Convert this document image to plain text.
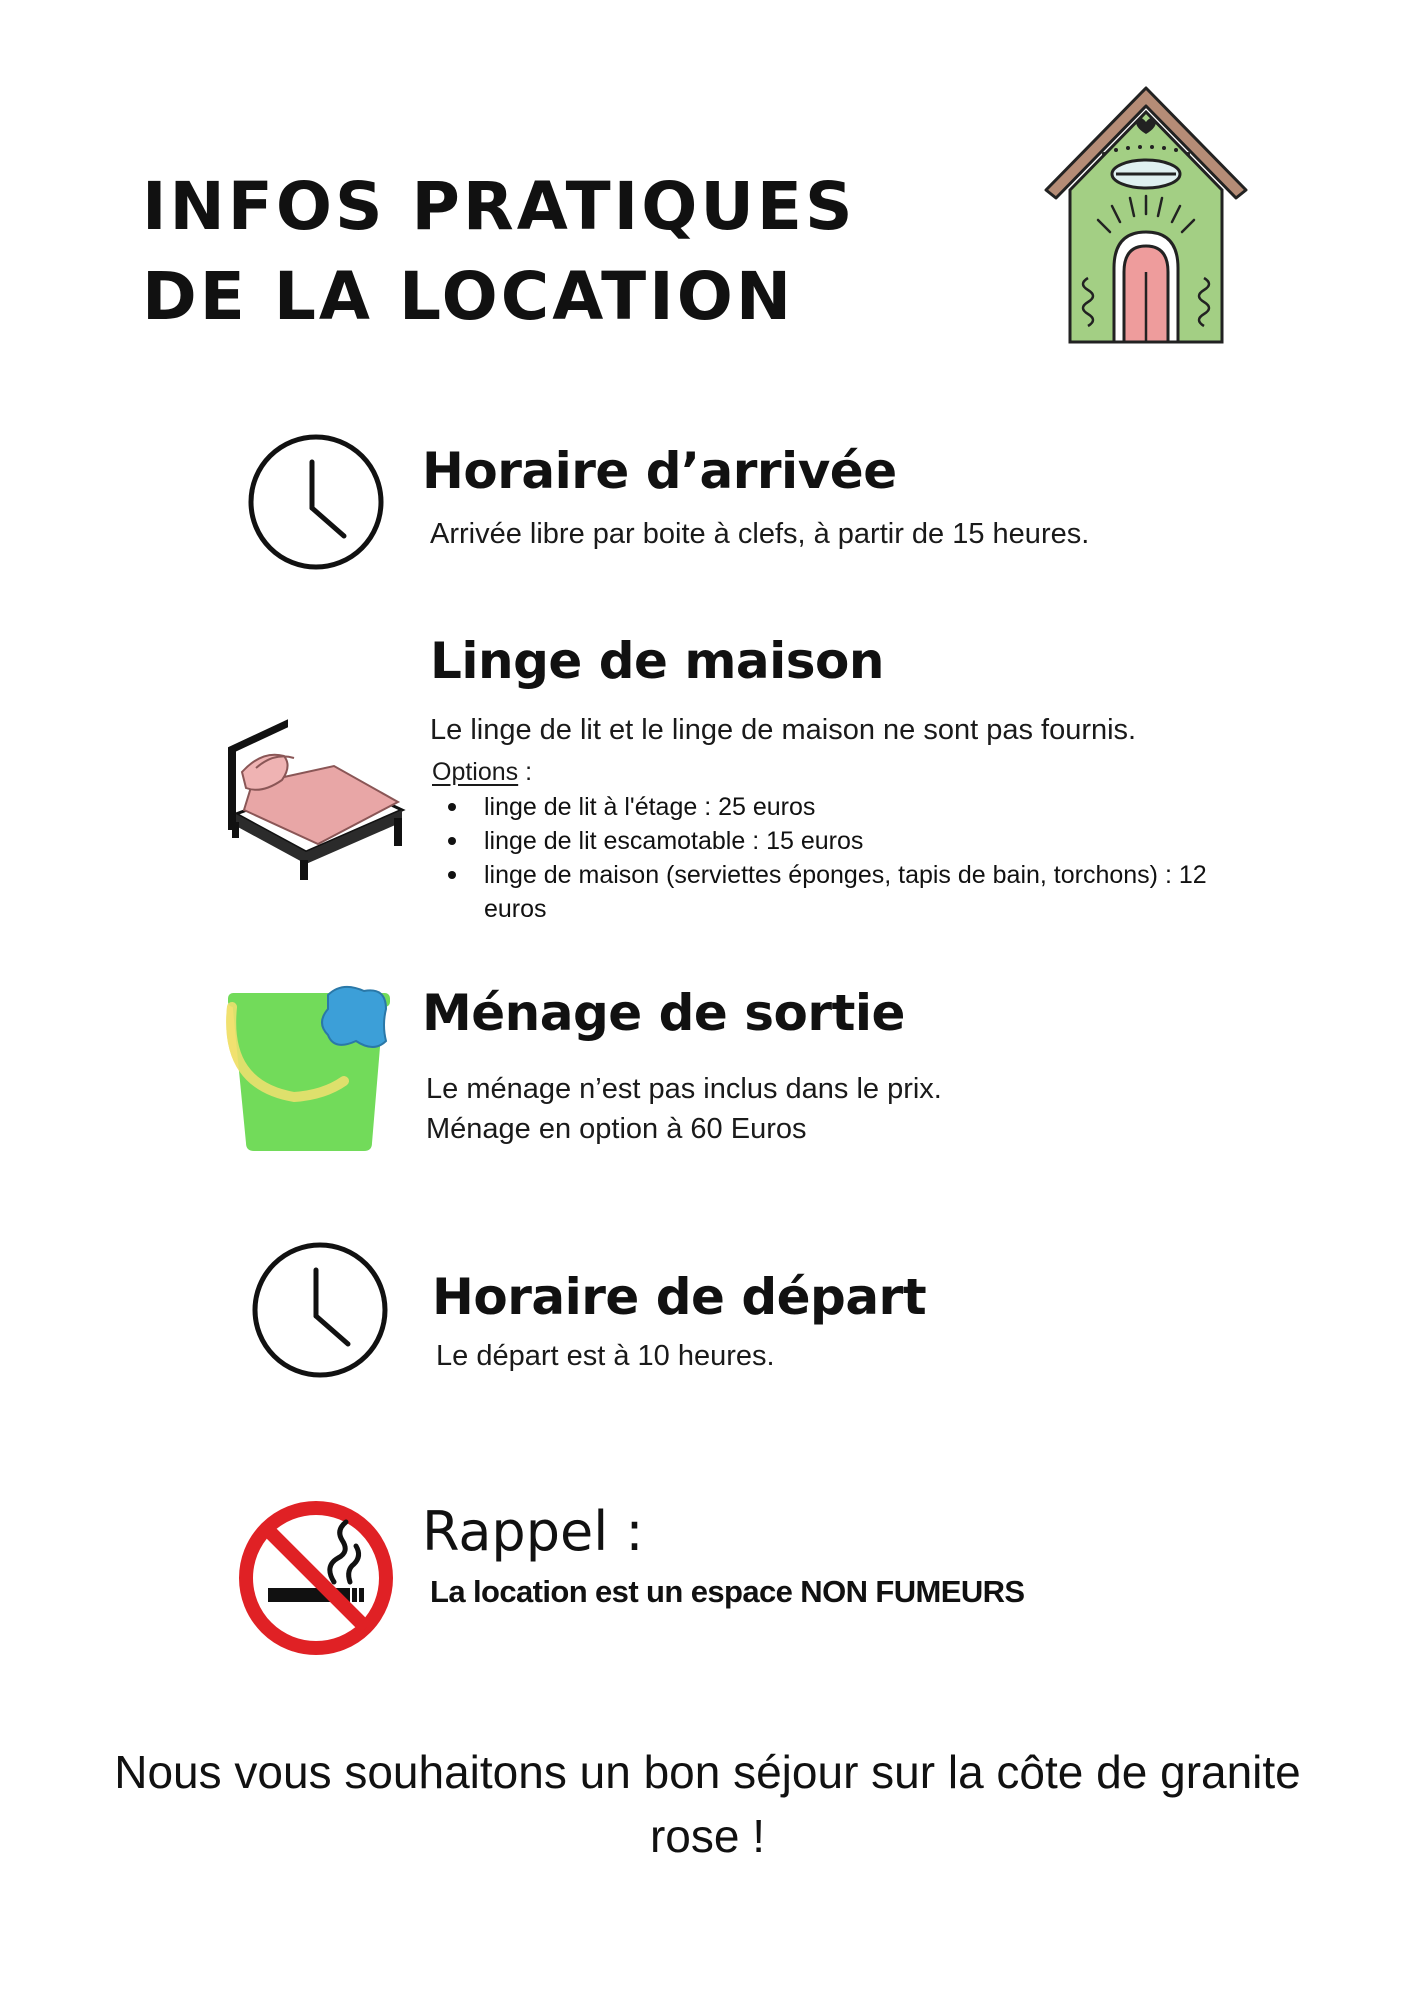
INFOS PRATIQUES
DE LA LOCATION
Horaire d’arrivée
Arrivée libre par boite à clefs, à partir de 15 heures.
Linge de maison
Le linge de lit et le linge de maison ne sont pas fournis.
Options :
linge de lit à l'étage : 25 euros
linge de lit escamotable : 15 euros
linge de maison (serviettes éponges, tapis de bain, torchons) : 12 euros
Ménage de sortie
Le ménage n’est pas inclus dans le prix.
Ménage en option à 60 Euros
Horaire de départ
Le départ est à 10 heures.
Rappel :
La location est un espace NON FUMEURS
Nous vous souhaitons un bon séjour sur la côte de granite rose !
